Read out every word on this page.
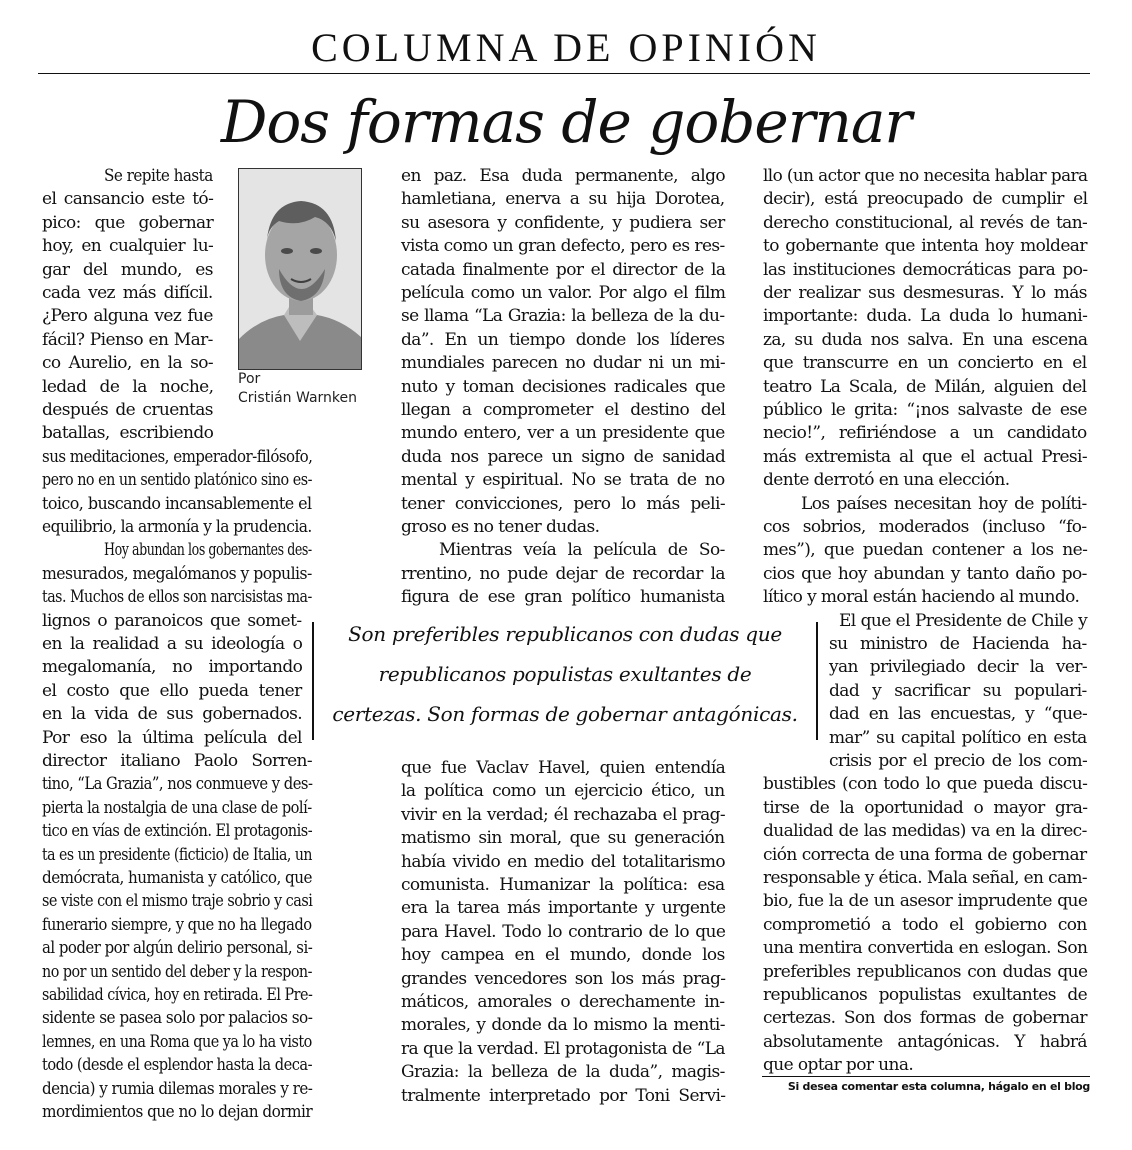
COLUMNA DE OPINIÓN
Dos formas de gobernar
Por
Cristián Warnken
Se repite hasta
el cansancio este tó-
pico: que gobernar
hoy, en cualquier lu-
gar del mundo, es
cada vez más difícil.
¿Pero alguna vez fue
fácil? Pienso en Mar-
co Aurelio, en la so-
ledad de la noche,
después de cruentas
batallas, escribiendo
sus meditaciones, emperador-filósofo,
pero no en un sentido platónico sino es-
toico, buscando incansablemente el
equilibrio, la armonía y la prudencia.
Hoy abundan los gobernantes des-
mesurados, megalómanos y populis-
tas. Muchos de ellos son narcisistas ma-
lignos o paranoicos que somet-
en la realidad a su ideología o
megalomanía, no importando
el costo que ello pueda tener
en la vida de sus gobernados.
Por eso la última película del
director italiano Paolo Sorren-
tino, “La Grazia”, nos conmueve y des-
pierta la nostalgia de una clase de polí-
tico en vías de extinción. El protagonis-
ta es un presidente (ficticio) de Italia, un
demócrata, humanista y católico, que
se viste con el mismo traje sobrio y casi
funerario siempre, y que no ha llegado
al poder por algún delirio personal, si-
no por un sentido del deber y la respon-
sabilidad cívica, hoy en retirada. El Pre-
sidente se pasea solo por palacios so-
lemnes, en una Roma que ya lo ha visto
todo (desde el esplendor hasta la deca-
dencia) y rumia dilemas morales y re-
mordimientos que no lo dejan dormir
en paz. Esa duda permanente, algo
hamletiana, enerva a su hija Dorotea,
su asesora y confidente, y pudiera ser
vista como un gran defecto, pero es res-
catada finalmente por el director de la
película como un valor. Por algo el film
se llama “La Grazia: la belleza de la du-
da”. En un tiempo donde los líderes
mundiales parecen no dudar ni un mi-
nuto y toman decisiones radicales que
llegan a comprometer el destino del
mundo entero, ver a un presidente que
duda nos parece un signo de sanidad
mental y espiritual. No se trata de no
tener convicciones, pero lo más peli-
groso es no tener dudas.
Mientras veía la película de So-
rrentino, no pude dejar de recordar la
figura de ese gran político humanista
que fue Vaclav Havel, quien entendía
la política como un ejercicio ético, un
vivir en la verdad; él rechazaba el prag-
matismo sin moral, que su generación
había vivido en medio del totalitarismo
comunista. Humanizar la política: esa
era la tarea más importante y urgente
para Havel. Todo lo contrario de lo que
hoy campea en el mundo, donde los
grandes vencedores son los más prag-
máticos, amorales o derechamente in-
morales, y donde da lo mismo la menti-
ra que la verdad. El protagonista de “La
Grazia: la belleza de la duda”, magis-
tralmente interpretado por Toni Servi-
llo (un actor que no necesita hablar para
decir), está preocupado de cumplir el
derecho constitucional, al revés de tan-
to gobernante que intenta hoy moldear
las instituciones democráticas para po-
der realizar sus desmesuras. Y lo más
importante: duda. La duda lo humani-
za, su duda nos salva. En una escena
que transcurre en un concierto en el
teatro La Scala, de Milán, alguien del
público le grita: “¡nos salvaste de ese
necio!”, refiriéndose a un candidato
más extremista al que el actual Presi-
dente derrotó en una elección.
Los países necesitan hoy de políti-
cos sobrios, moderados (incluso “fo-
mes”), que puedan contener a los ne-
cios que hoy abundan y tanto daño po-
lítico y moral están haciendo al mundo.
El que el Presidente de Chile y
su ministro de Hacienda ha-
yan privilegiado decir la ver-
dad y sacrificar su populari-
dad en las encuestas, y “que-
mar” su capital político en esta
crisis por el precio de los com-
bustibles (con todo lo que pueda discu-
tirse de la oportunidad o mayor gra-
dualidad de las medidas) va en la direc-
ción correcta de una forma de gobernar
responsable y ética. Mala señal, en cam-
bio, fue la de un asesor imprudente que
comprometió a todo el gobierno con
una mentira convertida en eslogan. Son
preferibles republicanos con dudas que
republicanos populistas exultantes de
certezas. Son dos formas de gobernar
absolutamente antagónicas. Y habrá
que optar por una.
Son preferibles republicanos con dudas que
republicanos populistas exultantes de
certezas. Son formas de gobernar antagónicas.
Si desea comentar esta columna, hágalo en el blog
